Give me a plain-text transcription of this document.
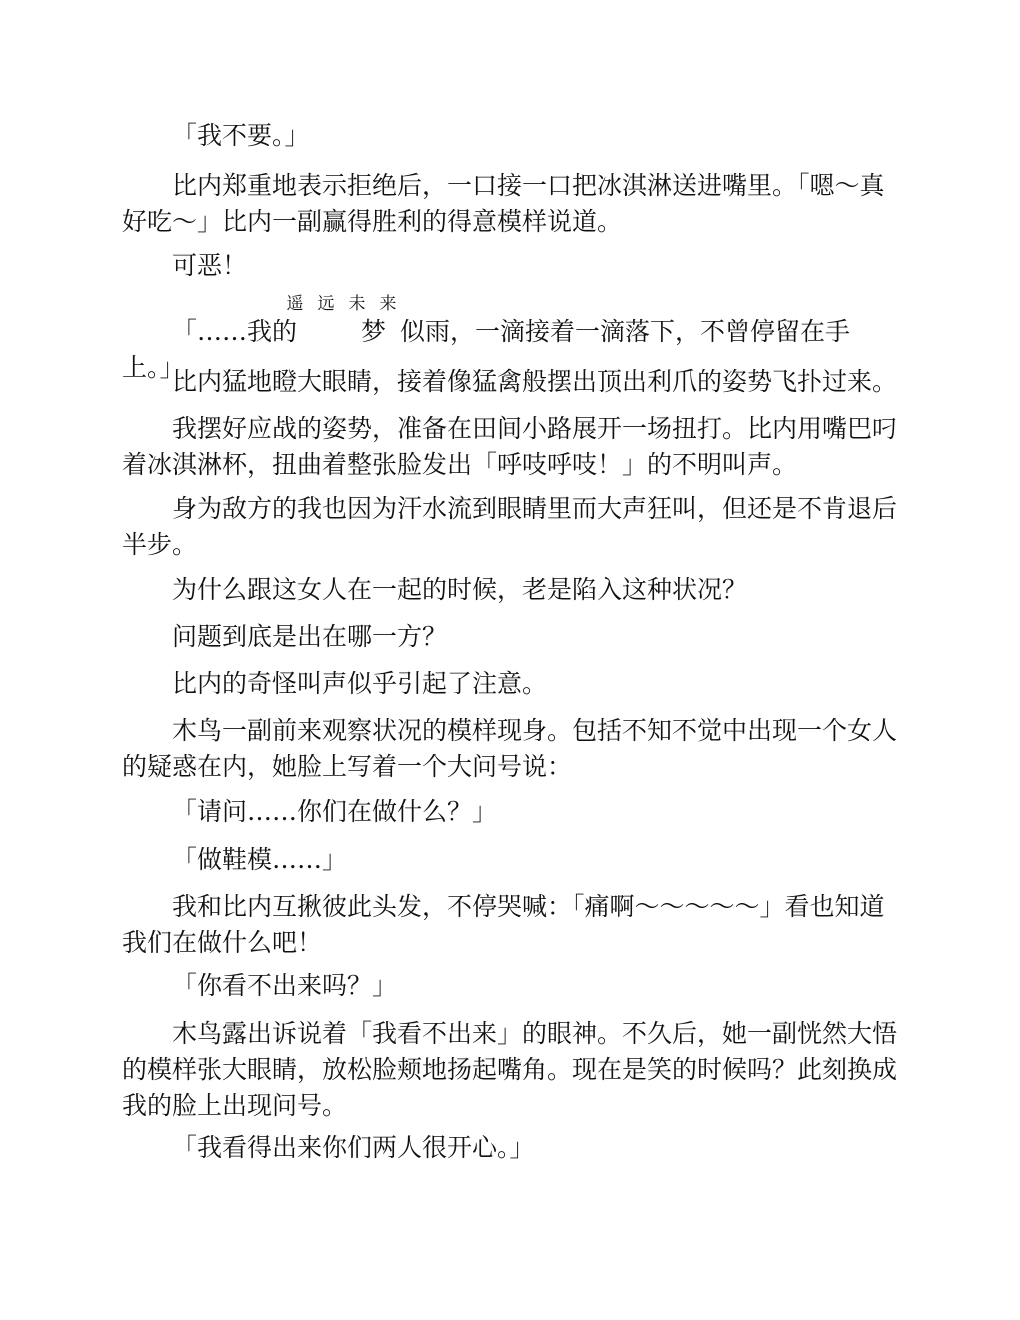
「我不要。」

比内郑重地表示拒绝后，一口接一口把冰淇淋送进嘴里。「嗯～真好吃～」比内一副赢得胜利的得意模样说道。

可恶！

「……我的
遥远未来
梦似雨，一滴接着一滴落下，不曾停留在手上。」

比内猛地瞪大眼睛，接着像猛禽般摆出顶出利爪的姿势飞扑过来。

我摆好应战的姿势，准备在田间小路展开一场扭打。比内用嘴巴叼着冰淇淋杯，扭曲着整张脸发出「呼吱呼吱！」的不明叫声。

身为敌方的我也因为汗水流到眼睛里而大声狂叫，但还是不肯退后半步。

为什么跟这女人在一起的时候，老是陷入这种状况？

问题到底是出在哪一方？

比内的奇怪叫声似乎引起了注意。

木鸟一副前来观察状况的模样现身。包括不知不觉中出现一个女人的疑惑在内，她脸上写着一个大问号说：

「请问……你们在做什么？」

「做鞋模……」

我和比内互揪彼此头发，不停哭喊：「痛啊～～～～～」看也知道我们在做什么吧！

「你看不出来吗？」

木鸟露出诉说着「我看不出来」的眼神。不久后，她一副恍然大悟的模样张大眼睛，放松脸颊地扬起嘴角。现在是笑的时候吗？此刻换成我的脸上出现问号。

「我看得出来你们两人很开心。」
